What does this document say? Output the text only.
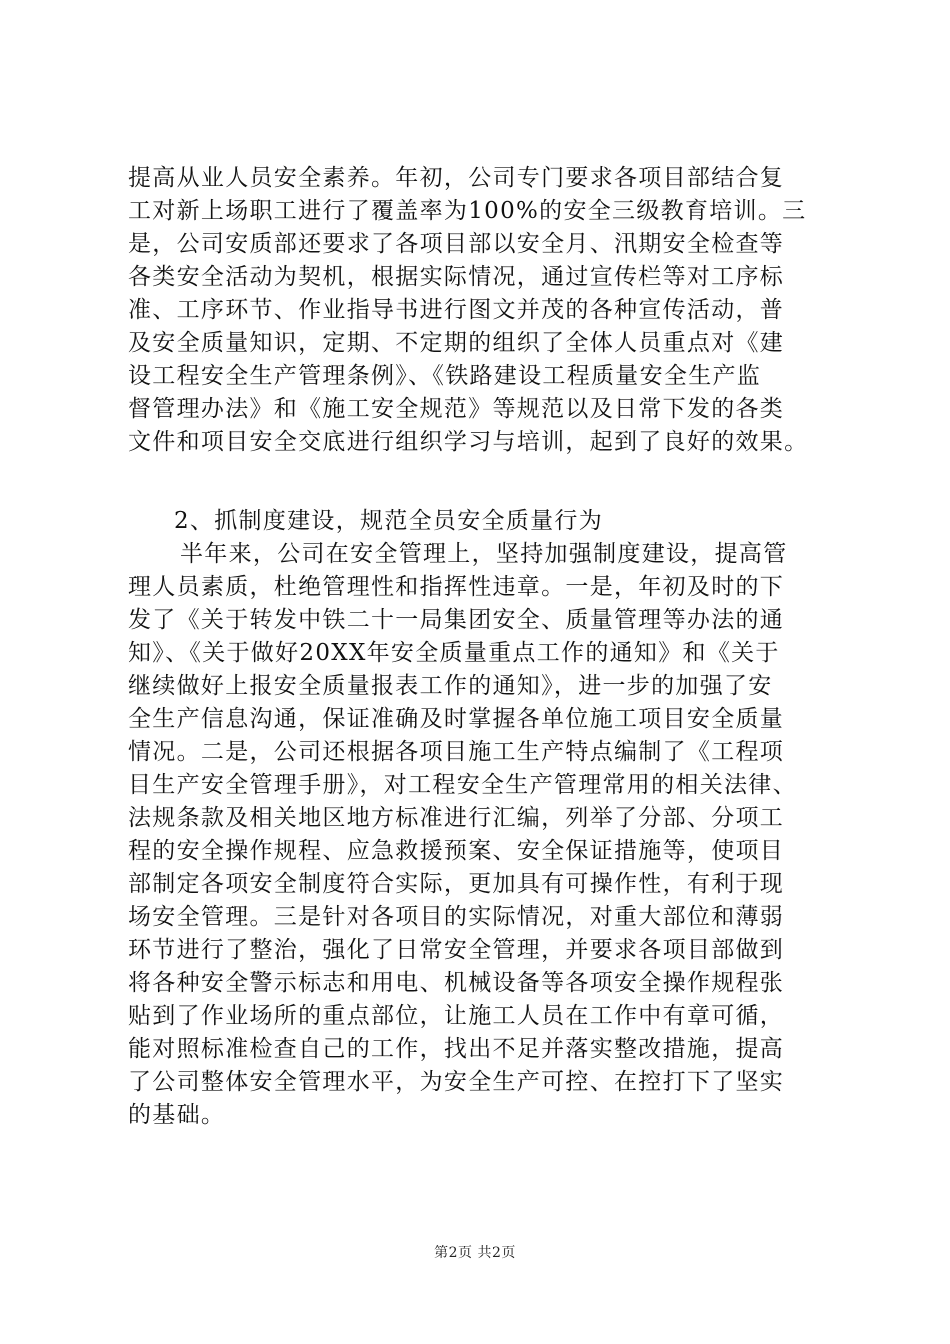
提高从业人员安全素养。年初，公司专门要求各项目部结合复
工对新上场职工进行了覆盖率为100%的安全三级教育培训。三
是，公司安质部还要求了各项目部以安全月、汛期安全检查等
各类安全活动为契机，根据实际情况，通过宣传栏等对工序标
准、工序环节、作业指导书进行图文并茂的各种宣传活动，普
及安全质量知识，定期、不定期的组织了全体人员重点对《建
设工程安全生产管理条例》、《铁路建设工程质量安全生产监
督管理办法》和《施工安全规范》等规范以及日常下发的各类
文件和项目安全交底进行组织学习与培训，起到了良好的效果。
2、抓制度建设，规范全员安全质量行为
半年来，公司在安全管理上，坚持加强制度建设，提高管
理人员素质，杜绝管理性和指挥性违章。一是，年初及时的下
发了《关于转发中铁二十一局集团安全、质量管理等办法的通
知》、《关于做好20XX年安全质量重点工作的通知》和《关于
继续做好上报安全质量报表工作的通知》，进一步的加强了安
全生产信息沟通，保证准确及时掌握各单位施工项目安全质量
情况。二是，公司还根据各项目施工生产特点编制了《工程项
目生产安全管理手册》，对工程安全生产管理常用的相关法律、
法规条款及相关地区地方标准进行汇编，列举了分部、分项工
程的安全操作规程、应急救援预案、安全保证措施等，使项目
部制定各项安全制度符合实际，更加具有可操作性，有利于现
场安全管理。三是针对各项目的实际情况，对重大部位和薄弱
环节进行了整治，强化了日常安全管理，并要求各项目部做到
将各种安全警示标志和用电、机械设备等各项安全操作规程张
贴到了作业场所的重点部位，让施工人员在工作中有章可循，
能对照标准检查自己的工作，找出不足并落实整改措施，提高
了公司整体安全管理水平，为安全生产可控、在控打下了坚实
的基础。
第2页 共2页
